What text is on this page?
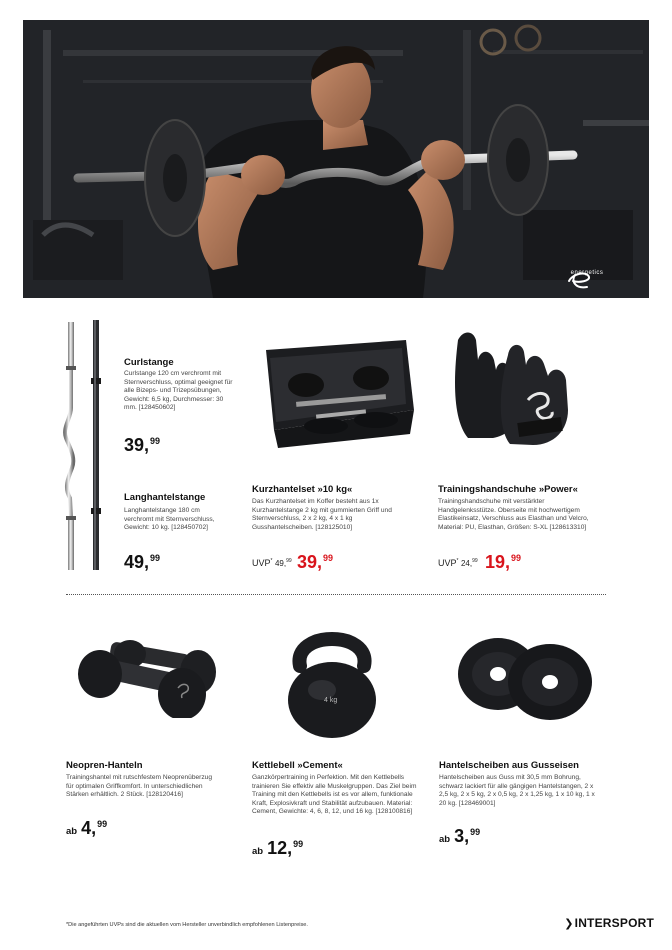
energetics
Curlstange
Curlstange 120 cm verchromt mit Sternverschluss, optimal geeignet für alle Bizeps- und Trizepsübungen, Gewicht: 6,5 kg, Durchmesser: 30 mm. [128450602]
39,99
Langhantelstange
Langhantelstange 180 cm verchromt mit Sternverschluss, Gewicht: 10 kg. [128450702]
49,99
Kurzhantelset »10 kg«
Das Kurzhantelset im Koffer besteht aus 1x Kurzhantelstange 2 kg mit gummierten Griff und Sternverschluss, 2 x 2 kg, 4 x 1 kg Gusshantelscheiben. [128125010]
UVP* 49,99 39,99
Trainingshandschuhe »Power«
Trainingshandschuhe mit verstärkter Handgelenksstütze. Oberseite mit hochwertigem Elastikeinsatz, Verschluss aus Elasthan und Velcro, Material: PU, Elasthan, Größen: S-XL [128613310]
UVP* 24,99 19,99
4 kg
Neopren-Hanteln
Trainingshantel mit rutschfestem Neoprenüberzug für optimalen Griffkomfort. In unterschiedlichen Stärken erhältlich. 2 Stück. [128120416]
ab 4,99
Kettlebell »Cement«
Ganzkörpertraining in Perfektion. Mit den Kettlebells trainieren Sie effektiv alle Muskelgruppen. Das Ziel beim Training mit den Kettlebells ist es vor allem, funktionale Kraft, Explosivkraft und Stabilität aufzubauen. Material: Cement, Gewichte: 4, 6, 8, 12, und 16 kg. [128100816]
ab 12,99
Hantelscheiben aus Gusseisen
Hantelscheiben aus Guss mit 30,5 mm Bohrung, schwarz lackiert für alle gängigen Hantelstangen, 2 x 2,5 kg, 2 x 5 kg, 2 x 0,5 kg, 2 x 1,25 kg, 1 x 10 kg, 1 x 20 kg. [128469001]
ab 3,99
*Die angeführten UVPs sind die aktuellen vom Hersteller unverbindlich empfohlenen Listenpreise.	❯INTERSPORT
